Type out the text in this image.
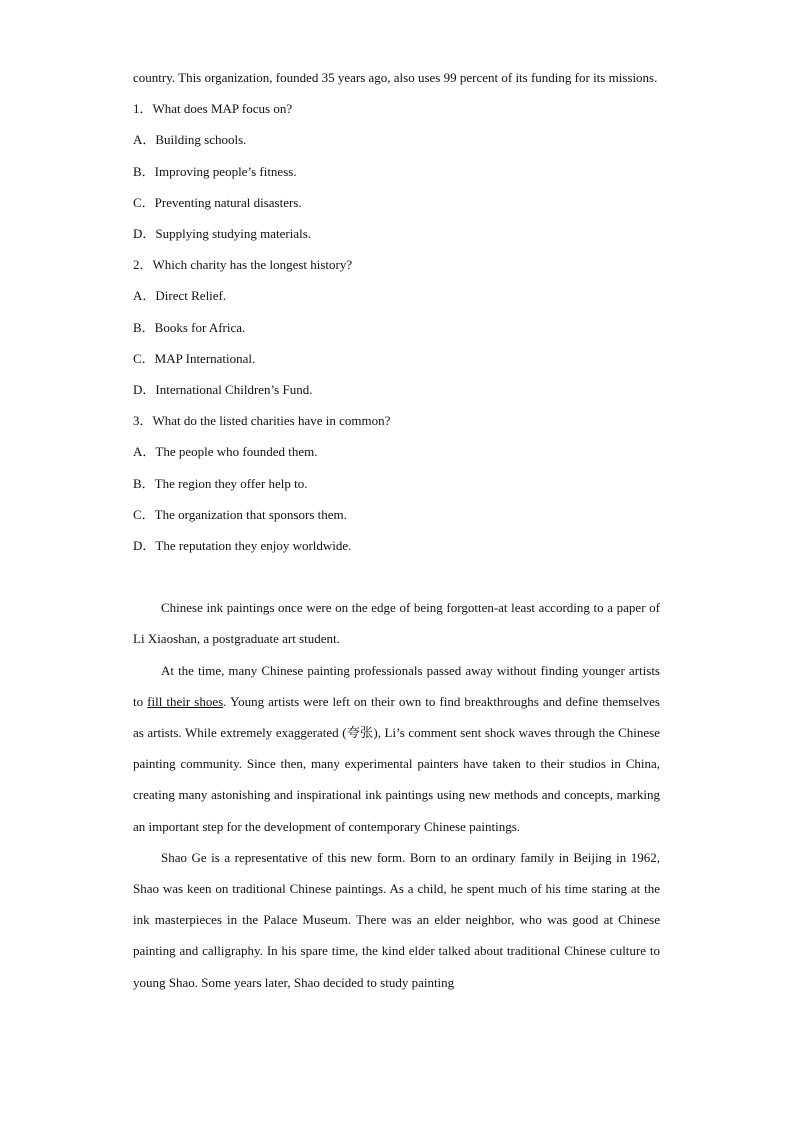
country. This organization, founded 35 years ago, also uses 99 percent of its funding for its missions.

1．What does MAP focus on?
A．Building schools.
B．Improving people’s fitness.
C．Preventing natural disasters.
D．Supplying studying materials.
2．Which charity has the longest history?
A．Direct Relief.
B．Books for Africa.
C．MAP International.
D．International Children’s Fund.
3．What do the listed charities have in common?
A．The people who founded them.
B．The region they offer help to.
C．The organization that sponsors them.
D．The reputation they enjoy worldwide.

Chinese ink paintings once were on the edge of being forgotten-at least according to a paper of Li Xiaoshan, a postgraduate art student.

At the time, many Chinese painting professionals passed away without finding younger artists to fill their shoes. Young artists were left on their own to find breakthroughs and define themselves as artists. While extremely exaggerated (夸张), Li’s comment sent shock waves through the Chinese painting community. Since then, many experimental painters have taken to their studios in China, creating many astonishing and inspirational ink paintings using new methods and concepts, marking an important step for the development of contemporary Chinese paintings.

Shao Ge is a representative of this new form. Born to an ordinary family in Beijing in 1962, Shao was keen on traditional Chinese paintings. As a child, he spent much of his time staring at the ink masterpieces in the Palace Museum. There was an elder neighbor, who was good at Chinese painting and calligraphy. In his spare time, the kind elder talked about traditional Chinese culture to young Shao. Some years later, Shao decided to study painting
